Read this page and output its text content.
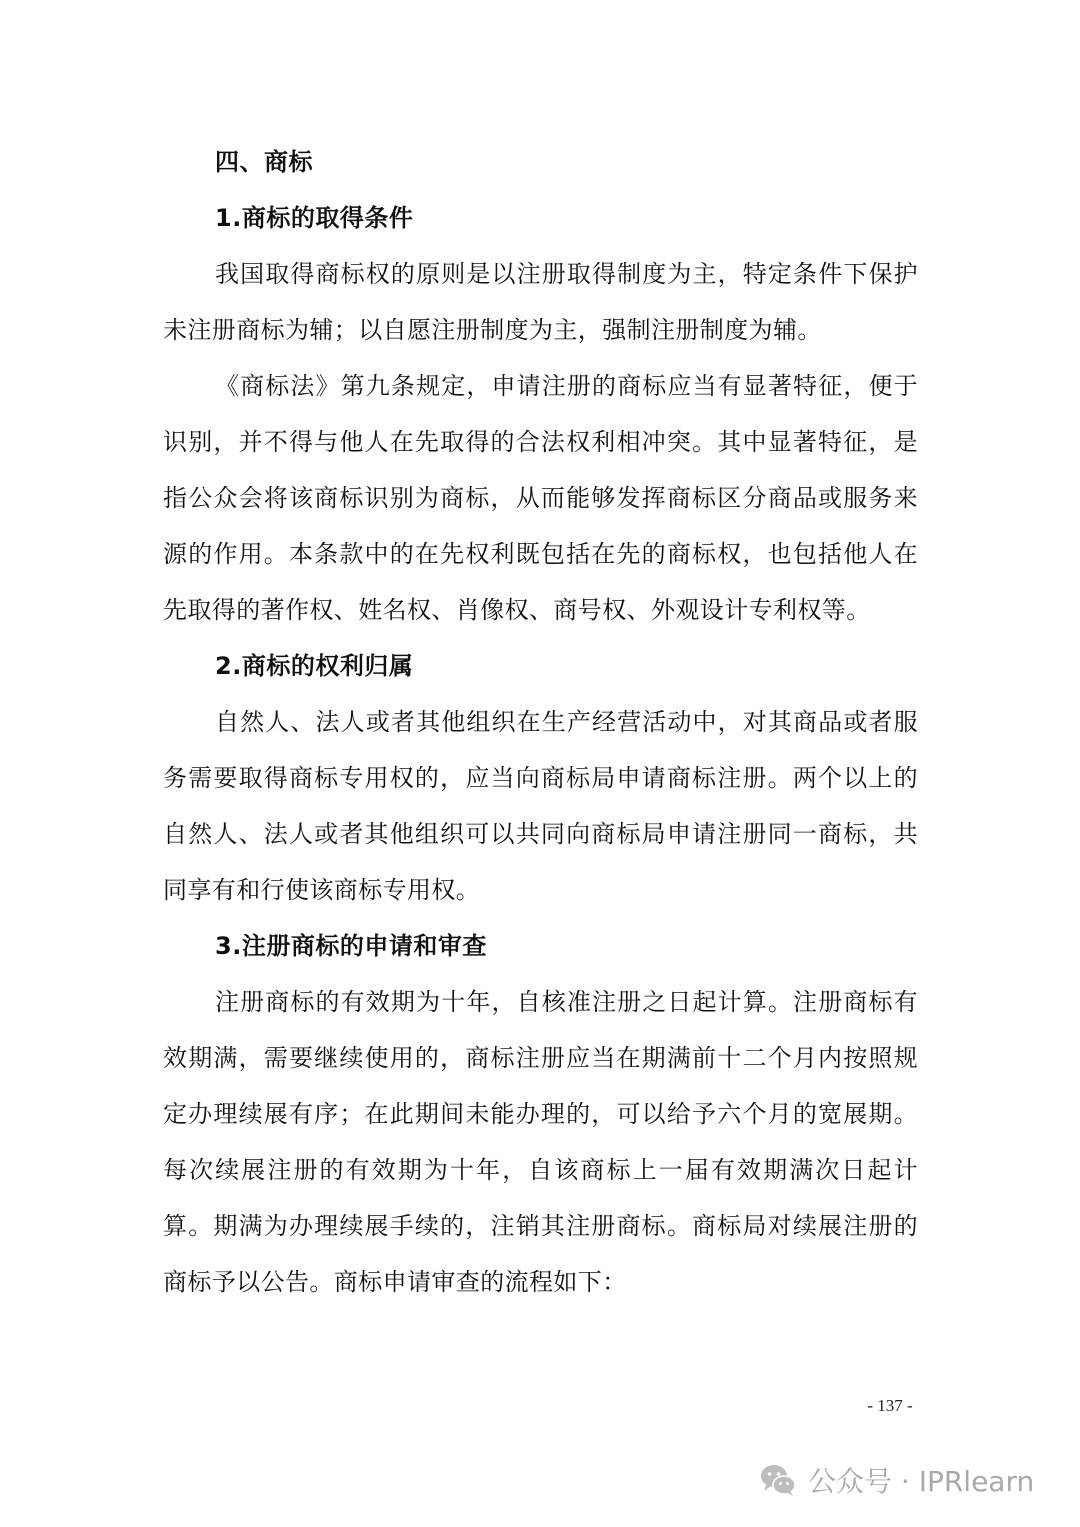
四、商标
1.商标的取得条件

我国取得商标权的原则是以注册取得制度为主，特定条件下保护未注册商标为辅；以自愿注册制度为主，强制注册制度为辅。

《商标法》第九条规定，申请注册的商标应当有显著特征，便于识别，并不得与他人在先取得的合法权利相冲突。其中显著特征，是指公众会将该商标识别为商标，从而能够发挥商标区分商品或服务来源的作用。本条款中的在先权利既包括在先的商标权，也包括他人在先取得的著作权、姓名权、肖像权、商号权、外观设计专利权等。

2.商标的权利归属

自然人、法人或者其他组织在生产经营活动中，对其商品或者服务需要取得商标专用权的，应当向商标局申请商标注册。两个以上的自然人、法人或者其他组织可以共同向商标局申请注册同一商标，共同享有和行使该商标专用权。

3.注册商标的申请和审查

注册商标的有效期为十年，自核准注册之日起计算。注册商标有效期满，需要继续使用的，商标注册应当在期满前十二个月内按照规定办理续展有序；在此期间未能办理的，可以给予六个月的宽展期。每次续展注册的有效期为十年，自该商标上一届有效期满次日起计算。期满为办理续展手续的，注销其注册商标。商标局对续展注册的商标予以公告。商标申请审查的流程如下：

- 137 -
公众号 · IPRlearn
